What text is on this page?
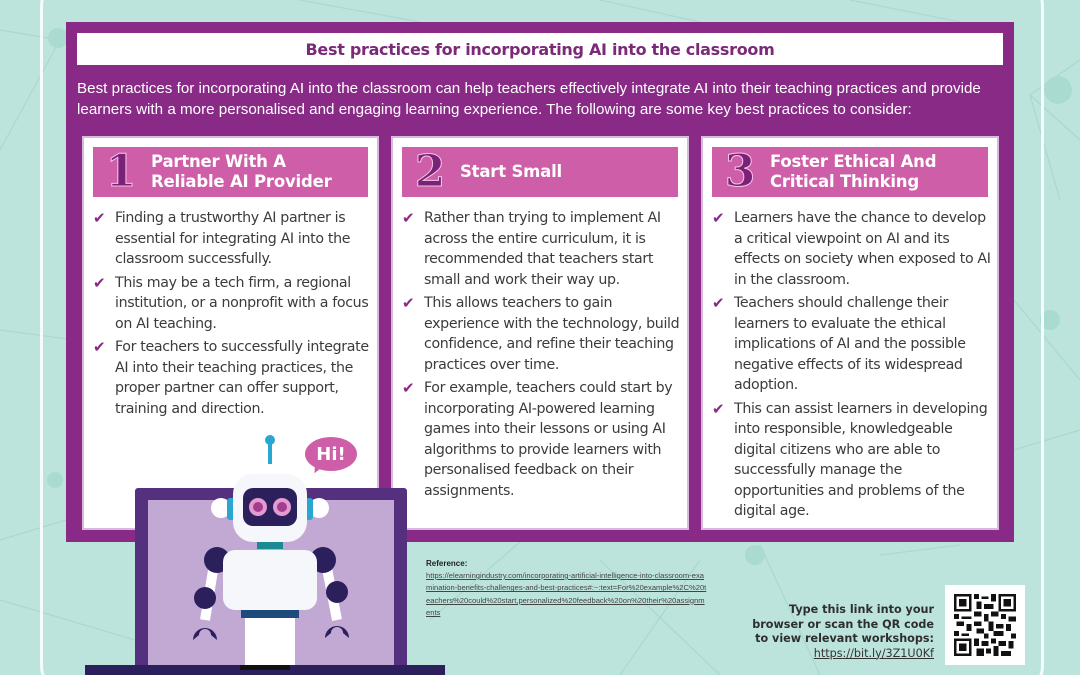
Best practices for incorporating AI into the classroom

Best practices for incorporating AI into the classroom can help teachers effectively integrate AI into their teaching practices and provide learners with a more personalised and engaging learning experience. The following are some key best practices to consider:

1 Partner With A Reliable AI Provider
✔ Finding a trustworthy AI partner is essential for integrating AI into the classroom successfully.
✔ This may be a tech firm, a regional institution, or a nonprofit with a focus on AI teaching.
✔ For teachers to successfully integrate AI into their teaching practices, the proper partner can offer support, training and direction.
2 Start Small
✔ Rather than trying to implement AI across the entire curriculum, it is recommended that teachers start small and work their way up.
✔ This allows teachers to gain experience with the technology, build confidence, and refine their teaching practices over time.
✔ For example, teachers could start by incorporating AI-powered learning games into their lessons or using AI algorithms to provide learners with personalised feedback on their assignments.
3 Foster Ethical And Critical Thinking
✔ Learners have the chance to develop a critical viewpoint on AI and its effects on society when exposed to AI in the classroom.
✔ Teachers should challenge their learners to evaluate the ethical implications of AI and the possible negative effects of its widespread adoption.
✔ This can assist learners in developing into responsible, knowledgeable digital citizens who are able to successfully manage the opportunities and problems of the digital age.
Hi!
Reference:
https://elearningindustry.com/incorporating-artificial-intelligence-into-classroom-examination-benefits-challenges-and-best-practices#:~:text=For%20example%2C%20teachers%20could%20start,personalized%20feedback%20on%20their%20assignments	Type this link into your
browser or scan the QR code
to view relevant workshops:
https://bit.ly/3Z1U0Kf
